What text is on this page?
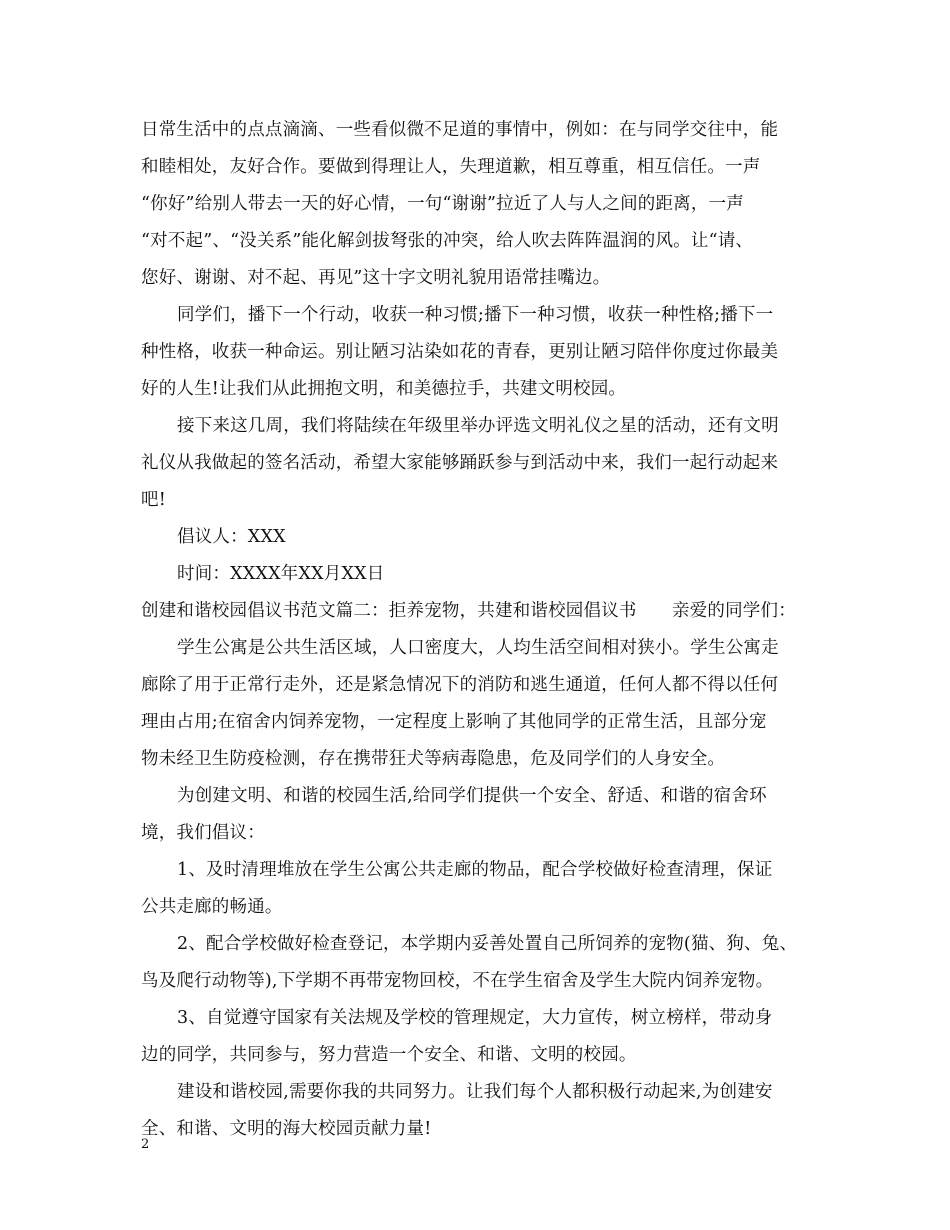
日常生活中的点点滴滴、一些看似微不足道的事情中，例如：在与同学交往中，能
和睦相处，友好合作。要做到得理让人，失理道歉，相互尊重，相互信任。一声
“你好”给别人带去一天的好心情，一句“谢谢”拉近了人与人之间的距离，一声
“对不起”、“没关系”能化解剑拔弩张的冲突，给人吹去阵阵温润的风。让“请、
您好、谢谢、对不起、再见”这十字文明礼貌用语常挂嘴边。
同学们，播下一个行动，收获一种习惯;播下一种习惯，收获一种性格;播下一
种性格，收获一种命运。别让陋习沾染如花的青春，更别让陋习陪伴你度过你最美
好的人生!让我们从此拥抱文明，和美德拉手，共建文明校园。
接下来这几周，我们将陆续在年级里举办评选文明礼仪之星的活动，还有文明
礼仪从我做起的签名活动，希望大家能够踊跃参与到活动中来，我们一起行动起来
吧!
倡议人：XXX
时间：XXXX年XX月XX日
创建和谐校园倡议书范文篇二：拒养宠物，共建和谐校园倡议书 亲爱的同学们：
学生公寓是公共生活区域，人口密度大，人均生活空间相对狭小。学生公寓走
廊除了用于正常行走外，还是紧急情况下的消防和逃生通道，任何人都不得以任何
理由占用;在宿舍内饲养宠物，一定程度上影响了其他同学的正常生活，且部分宠
物未经卫生防疫检测，存在携带狂犬等病毒隐患，危及同学们的人身安全。
为创建文明、和谐的校园生活,给同学们提供一个安全、舒适、和谐的宿舍环
境，我们倡议：
1、及时清理堆放在学生公寓公共走廊的物品，配合学校做好检查清理，保证
公共走廊的畅通。
2、配合学校做好检查登记，本学期内妥善处置自己所饲养的宠物(猫、狗、兔、
鸟及爬行动物等),下学期不再带宠物回校，不在学生宿舍及学生大院内饲养宠物。
3、自觉遵守国家有关法规及学校的管理规定，大力宣传，树立榜样，带动身
边的同学，共同参与，努力营造一个安全、和谐、文明的校园。
建设和谐校园,需要你我的共同努力。让我们每个人都积极行动起来,为创建安
全、和谐、文明的海大校园贡献力量!
2
